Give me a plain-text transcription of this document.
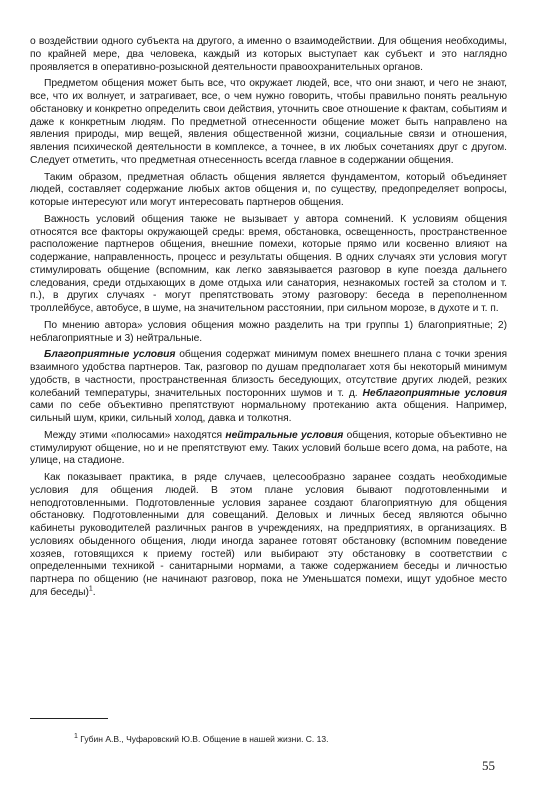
о воздействии одного субъекта на другого, а именно о взаимодействии. Для общения необходимы, по крайней мере, два человека, каждый из которых выступает как субъект и это наглядно проявляется в оперативно-розыскной деятельности правоохранительных органов.

Предметом общения может быть все, что окружает людей, все, что они знают, и чего не знают, все, что их волнует, и затрагивает, все, о чем нужно говорить, чтобы правильно понять реальную обстановку и конкретно определить свои действия, уточнить свое отношение к фактам, событиям и даже к конкретным людям. По предметной отнесенности общение может быть направлено на явления природы, мир вещей, явления общественной жизни, социальные связи и отношения, явления психической деятельности в комплексе, а точнее, в их любых сочетаниях друг с другом. Следует отметить, что предметная отнесенность всегда главное в содержании общения.

Таким образом, предметная область общения является фундаментом, который объединяет людей, составляет содержание любых актов общения и, по существу, предопределяет вопросы, которые интересуют или могут интересовать партнеров общения.

Важность условий общения также не вызывает у автора сомнений. К условиям общения относятся все факторы окружающей среды: время, обстановка, освещенность, пространственное расположение партнеров общения, внешние помехи, которые прямо или косвенно влияют на содержание, направленность, процесс и результаты общения. В одних случаях эти условия могут стимулировать общение (вспомним, как легко завязывается разговор в купе поезда дальнего следования, среди отдыхающих в доме отдыха или санатория, незнакомых гостей за столом и т. п.), в других случаях - могут препятствовать этому разговору: беседа в переполненном троллейбусе, автобусе, в шуме, на значительном расстоянии, при сильном морозе, в духоте и т. п.

По мнению автора» условия общения можно разделить на три группы 1) благоприятные; 2) неблагоприятные и 3) нейтральные.

Благоприятные условия общения содержат минимум помех внешнего плана с точки зрения взаимного удобства партнеров. Так, разговор по душам предполагает хотя бы некоторый минимум удобств, в частности, пространственная близость беседующих, отсутствие других людей, резких колебаний температуры, значительных посторонних шумов и т. д. Неблагоприятные условия сами по себе объективно препятствуют нормальному протеканию акта общения. Например, сильный шум, крики, сильный холод, давка и толкотня.

Между этими «полюсами» находятся нейтральные условия общения, которые объективно не стимулируют общение, но и не препятствуют ему. Таких условий больше всего дома, на работе, на улице, на стадионе.

Как показывает практика, в ряде случаев, целесообразно заранее создать необходимые условия для общения людей. В этом плане условия бывают подготовленными и неподготовленными. Подготовленные условия заранее создают благоприятную для общения обстановку. Подготовленными для совещаний. Деловых и личных бесед являются обычно кабинеты руководителей различных рангов в учреждениях, на предприятиях, в организациях. В условиях обыденного общения, люди иногда заранее готовят обстановку (вспомним поведение хозяев, готовящихся к приему гостей) или выбирают эту обстановку в соответствии с определенными техникой - санитарными нормами, а также содержанием беседы и личностью партнера по общению (не начинают разговор, пока не Уменьшатся помехи, ищут удобное место для беседы)$^1$.

$^1$ Губин А.В., Чуфаровский Ю.В. Общение в нашей жизни. С. 13.
55
